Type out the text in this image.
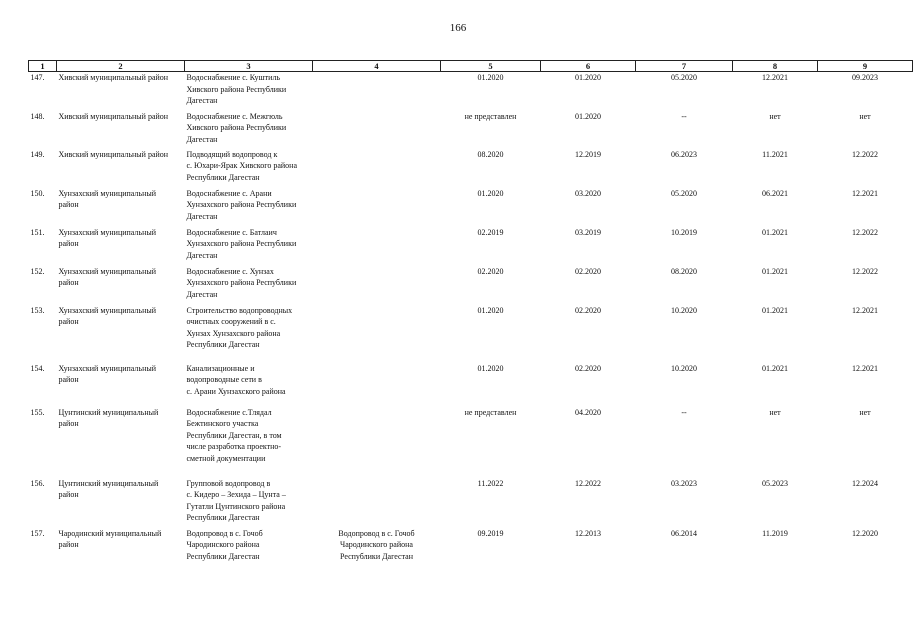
166
1	2	3	4	5	6	7	8	9
147.	Хивский муниципальный район	Водоснабжение с. Куштиль
Хивского района Республики
Дагестан		01.2020	01.2020	05.2020	12.2021	09.2023
148.	Хивский муниципальный район	Водоснабжение с. Межгюль
Хивского района Республики
Дагестан		не представлен	01.2020	--	нет	нет
149.	Хивский муниципальный район	Подводящий водопровод к
с. Юхари-Ярак Хивского района
Республики Дагестан		08.2020	12.2019	06.2023	11.2021	12.2022
150.	Хунзахский муниципальный
район	Водоснабжение с. Арани
Хунзахского района Республики
Дагестан		01.2020	03.2020	05.2020	06.2021	12.2021
151.	Хунзахский муниципальный
район	Водоснабжение с. Батлаич
Хунзахского района Республики
Дагестан		02.2019	03.2019	10.2019	01.2021	12.2022
152.	Хунзахский муниципальный
район	Водоснабжение с. Хунзах
Хунзахского района Республики
Дагестан		02.2020	02.2020	08.2020	01.2021	12.2022
153.	Хунзахский муниципальный
район	Строительство водопроводных
очистных сооружений в с.
Хунзах Хунзахского района
Республики Дагестан		01.2020	02.2020	10.2020	01.2021	12.2021
154.	Хунзахский муниципальный
район	Канализационные и
водопроводные сети в
с. Арани Хунзахского района		01.2020	02.2020	10.2020	01.2021	12.2021
155.	Цунтинский муниципальный
район	Водоснабжение с.Тлядал
Бежтинского участка
Республики Дагестан, в том
числе разработка проектно-
сметной документации		не представлен	04.2020	--	нет	нет
156.	Цунтинский муниципальный
район	Групповой водопровод в
с. Кидеро – Зехида – Цунта –
Гутатли Цунтинского района
Республики Дагестан		11.2022	12.2022	03.2023	05.2023	12.2024
157.	Чародинский муниципальный
район	Водопровод в с. Гочоб
Чародинского района
Республики Дагестан	Водопровод в с. Гочоб
Чародинского района
Республики Дагестан	09.2019	12.2013	06.2014	11.2019	12.2020
